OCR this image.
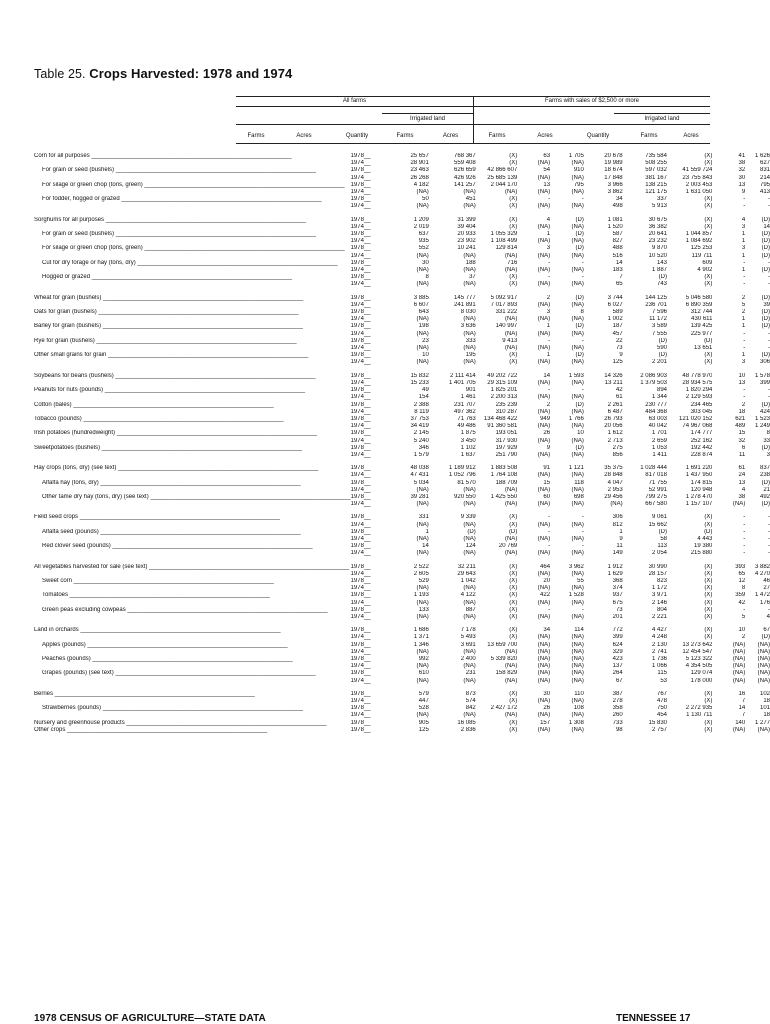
Table 25. Crops Harvested: 1978 and 1974
All farms	Farms with sales of $2,500 or more
Irrigated land	Irrigated land
Farms	Acres	Quantity	Farms	Acres	Farms	Acres	Quantity	Farms	Acres
Corn for all purposes ____________________________________________________________	1978__	25 657	768 367	(X)	63	1 705	20 678	735 584	(X)	41	1 626
	1974__	28 901	559 408	(X)	(NA)	(NA)	19 989	508 255	(X)	38	627
For grain or seed (bushels) ____________________________________________________________	1978__	23 463	626 659	42 866 607	54	910	18 674	597 032	41 559 724	32	831
	1974__	26 268	426 926	25 685 139	(NA)	(NA)	17 848	381 167	23 755 843	30	214
For silage or green chop (tons, green) ____________________________________________________________	1978__	4 182	141 257	2 044 170	13	795	3 966	138 215	2 003 453	13	795
	1974__	(NA)	(NA)	(NA)	(NA)	(NA)	3 862	121 175	1 631 050	9	413
For fodder, hogged or grazed ____________________________________________________________	1978__	50	451	(X)	-	-	34	337	(X)	-	-
	1974__	(NA)	(NA)	(X)	(NA)	(NA)	498	5 913	(X)	-	-

Sorghums for all purposes ____________________________________________________________	1978__	1 209	31 399	(X)	4	(D)	1 081	30 675	(X)	4	(D)
	1974__	2 019	39 404	(X)	(NA)	(NA)	1 520	36 382	(X)	3	14
For grain or seed (bushels) ____________________________________________________________	1978__	637	20 933	1 055 329	1	(D)	587	20 641	1 044 857	1	(D)
	1974__	935	23 902	1 108 499	(NA)	(NA)	827	23 232	1 084 692	1	(D)
For silage or green chop (tons, green) ____________________________________________________________	1978__	552	10 241	129 814	3	(D)	488	9 870	125 253	3	(D)
	1974__	(NA)	(NA)	(NA)	(NA)	(NA)	516	10 520	119 711	1	(D)
Cut for dry forage or hay (tons, dry) ____________________________________________________________	1978__	30	188	716	-	-	14	143	609	-	-
	1974__	(NA)	(NA)	(NA)	(NA)	(NA)	183	1 887	4 902	1	(D)
Hogged or grazed ____________________________________________________________	1978__	8	37	(X)	-	-	7	(D)	(X)	-	-
	1974__	(NA)	(NA)	(X)	(NA)	(NA)	65	743	(X)	-	-

Wheat for grain (bushels) ____________________________________________________________	1978__	3 885	145 777	5 092 917	2	(D)	3 744	144 125	5 046 580	2	(D)
	1974__	6 607	241 891	7 017 893	(NA)	(NA)	6 027	236 701	6 890 359	5	39
Oats for grain (bushels) ____________________________________________________________	1978__	643	8 030	331 222	3	8	589	7 596	312 744	2	(D)
	1974__	(NA)	(NA)	(NA)	(NA)	(NA)	1 002	11 172	430 611	1	(D)
Barley for grain (bushels) ____________________________________________________________	1978__	198	3 636	140 997	1	(D)	187	3 589	139 425	1	(D)
	1974__	(NA)	(NA)	(NA)	(NA)	(NA)	457	7 555	225 977	-	-
Rye for grain (bushels) ____________________________________________________________	1978__	23	333	9 413	-	-	22	(D)	(D)	-	-
	1974__	(NA)	(NA)	(NA)	(NA)	(NA)	73	590	13 651	-	-
Other small grains for grain ____________________________________________________________	1978__	10	195	(X)	1	(D)	9	(D)	(X)	1	(D)
	1974__	(NA)	(NA)	(X)	(NA)	(NA)	125	2 201	(X)	3	306

Soybeans for beans (bushels) ____________________________________________________________	1978__	15 832	2 111 414	49 202 722	14	1 593	14 326	2 086 903	48 778 970	10	1 578
	1974__	15 233	1 401 705	29 315 109	(NA)	(NA)	13 211	1 379 503	28 934 575	13	399
Peanuts for nuts (pounds) ____________________________________________________________	1978__	49	901	1 825 201	-	-	42	894	1 820 294	-	-
	1974__	154	1 461	2 200 313	(NA)	(NA)	61	1 344	2 129 593	-	-
Cotton (bales) ____________________________________________________________	1978__	2 388	231 707	235 239	2	(D)	2 261	230 777	234 465	2	(D)
	1974__	8 119	497 362	310 287	(NA)	(NA)	6 487	484 368	303 045	18	424
Tobacco (pounds) ____________________________________________________________	1978__	37 753	71 763	134 468 422	949	1 766	26 793	63 003	121 020 152	621	1 523
	1974__	34 419	49 486	91 360 581	(NA)	(NA)	20 056	40 042	74 967 068	489	1 249
Irish potatoes (hundredweight) ____________________________________________________________	1978__	2 145	1 875	193 051	26	10	1 612	1 701	174 777	15	8
	1974__	5 240	3 450	317 930	(NA)	(NA)	2 713	2 659	252 162	32	33
Sweetpotatoes (bushels) ____________________________________________________________	1978__	346	1 102	197 929	9	(D)	275	1 053	192 442	6	(D)
	1974__	1 579	1 637	251 790	(NA)	(NA)	856	1 411	228 874	11	3

Hay crops (tons, dry) (see text) ____________________________________________________________	1978__	48 038	1 189 912	1 883 508	91	1 121	35 375	1 028 444	1 691 220	61	837
	1974__	47 431	1 052 796	1 764 108	(NA)	(NA)	28 848	817 018	1 437 950	24	238
Alfalfa hay (tons, dry) ____________________________________________________________	1978__	5 034	81 570	188 709	15	118	4 047	71 755	174 815	13	(D)
	1974__	(NA)	(NA)	(NA)	(NA)	(NA)	2 953	52 991	120 948	4	21
Other tame dry hay (tons, dry) (see text) ____________________________________________________________	1978__	39 281	920 550	1 425 550	60	698	29 456	799 275	1 278 470	38	492
	1974__	(NA)	(NA)	(NA)	(NA)	(NA)	(NA)	667 580	1 157 107	(NA)	(D)

Field seed crops ____________________________________________________________	1978__	331	9 339	(X)	-	-	306	9 061	(X)	-	-
	1974__	(NA)	(NA)	(X)	(NA)	(NA)	812	15 662	(X)	-	-
Alfalfa seed (pounds) ____________________________________________________________	1978__	1	(D)	(D)	-	-	1	(D)	(D)	-	-
	1974__	(NA)	(NA)	(NA)	(NA)	(NA)	9	58	4 443	-	-
Red clover seed (pounds) ____________________________________________________________	1978__	14	124	20 769	-	-	11	113	19 380	-	-
	1974__	(NA)	(NA)	(NA)	(NA)	(NA)	149	2 054	215 880	-	-

All vegetables harvested for sale (see text) ____________________________________________________________	1978__	2 522	32 211	(X)	464	3 962	1 912	30 990	(X)	393	3 882
	1974__	2 605	29 643	(X)	(NA)	(NA)	1 629	28 157	(X)	65	4 270
Sweet corn ____________________________________________________________	1978__	529	1 042	(X)	20	55	368	823	(X)	12	46
	1974__	(NA)	(NA)	(X)	(NA)	(NA)	374	1 172	(X)	8	27
Tomatoes ____________________________________________________________	1978__	1 193	4 122	(X)	422	1 528	937	3 971	(X)	359	1 472
	1974__	(NA)	(NA)	(X)	(NA)	(NA)	675	2 146	(X)	42	176
Green peas excluding cowpeas ____________________________________________________________	1978__	133	887	(X)	-	-	73	804	(X)	-	-
	1974__	(NA)	(NA)	(X)	(NA)	(NA)	201	2 221	(X)	5	4

Land in orchards ____________________________________________________________	1978__	1 686	7 178	(X)	34	114	772	4 427	(X)	10	67
	1974__	1 371	5 493	(X)	(NA)	(NA)	399	4 248	(X)	2	(D)
Apples (pounds) ____________________________________________________________	1978__	1 346	3 691	13 659 700	(NA)	(NA)	624	2 130	13 273 642	(NA)	(NA)
	1974__	(NA)	(NA)	(NA)	(NA)	(NA)	329	2 741	12 454 547	(NA)	(NA)
Peaches (pounds) ____________________________________________________________	1978__	992	2 400	5 339 820	(NA)	(NA)	423	1 736	5 123 322	(NA)	(NA)
	1974__	(NA)	(NA)	(NA)	(NA)	(NA)	137	1 066	4 354 505	(NA)	(NA)
Grapes (pounds) (see text) ____________________________________________________________	1978__	610	231	158 829	(NA)	(NA)	264	115	129 074	(NA)	(NA)
	1974__	(NA)	(NA)	(NA)	(NA)	(NA)	67	53	178 000	(NA)	(NA)

Berries ____________________________________________________________	1978__	579	873	(X)	30	110	387	767	(X)	16	102
	1974__	447	574	(X)	(NA)	(NA)	278	478	(X)	7	18
Strawberries (pounds) ____________________________________________________________	1978__	528	842	2 427 172	26	108	358	750	2 272 935	14	101
	1974__	(NA)	(NA)	(NA)	(NA)	(NA)	260	454	1 130 711	7	18
Nursery and greenhouse products ____________________________________________________________	1978__	905	16 085	(X)	157	1 308	733	15 830	(X)	140	1 277
Other crops ____________________________________________________________	1978__	125	2 836	(X)	(NA)	(NA)	98	2 757	(X)	(NA)	(NA)
1978 CENSUS OF AGRICULTURE—STATE DATA	TENNESSEE 17
